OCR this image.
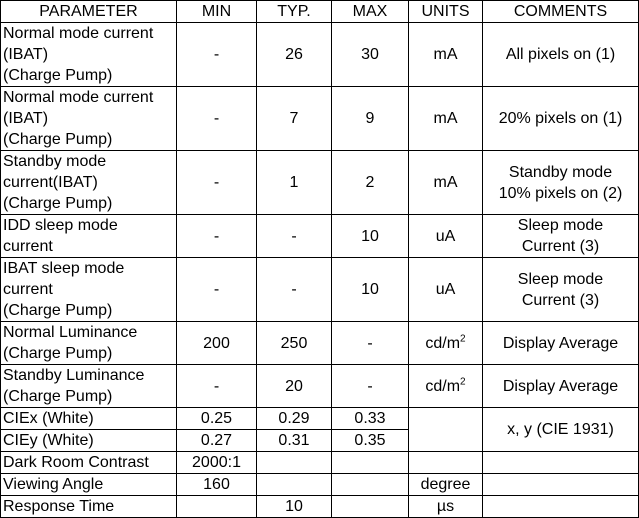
PARAMETER	MIN	TYP.	MAX	UNITS	COMMENTS

Normal mode current
(IBAT)
(Charge Pump)	-	26	30	mA	All pixels on (1)

Normal mode current
(IBAT)
(Charge Pump)	-	7	9	mA	20% pixels on (1)

Standby mode
current(IBAT)
(Charge Pump)	-	1	2	mA	Standby mode
10% pixels on (2)

IDD sleep mode
current	-	-	10	uA	Sleep mode
Current (3)

IBAT sleep mode
current
(Charge Pump)	-	-	10	uA	Sleep mode
Current (3)

Normal Luminance
(Charge Pump)	200	250	-	$cd/m^2$	Display Average

Standby Luminance
(Charge Pump)	-	20	-	$cd/m^2$	Display Average

CIEx (White)	0.25	0.29	0.33		x, y (CIE 1931)
CIEy (White)	0.27	0.31	0.35		
Dark Room Contrast	2000:1				
Viewing Angle	160			degree	
Response Time		10		µs	
